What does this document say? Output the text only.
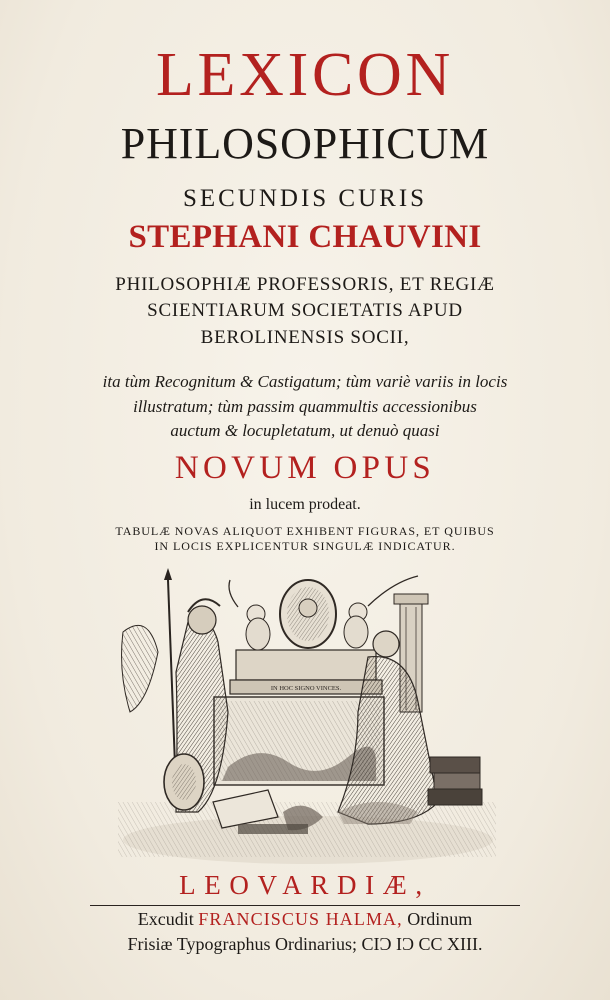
LEXICON
PHILOSOPHICUM
SECUNDIS CURIS
STEPHANI CHAUVINI
PHILOSOPHIÆ PROFESSORIS, ET REGIÆ
SCIENTIARUM SOCIETATIS APUD
BEROLINENSIS SOCII,
ita tùm Recognitum & Castigatum; tùm variè variis in locis
illustratum; tùm passim quammultis accessionibus
auctum & locupletatum, ut denuò quasi
NOVUM OPUS
in lucem prodeat.
TABULÆ NOVAS ALIQUOT EXHIBENT FIGURAS, ET QUIBUS
IN LOCIS EXPLICENTUR SINGULÆ INDICATUR.
IN HOC SIGNO VINCES.
LEOVARDIÆ,
Excudit FRANCISCUS HALMA, Ordinum
Frisiæ Typographus Ordinarius; CIƆ IƆ CC XIII.
